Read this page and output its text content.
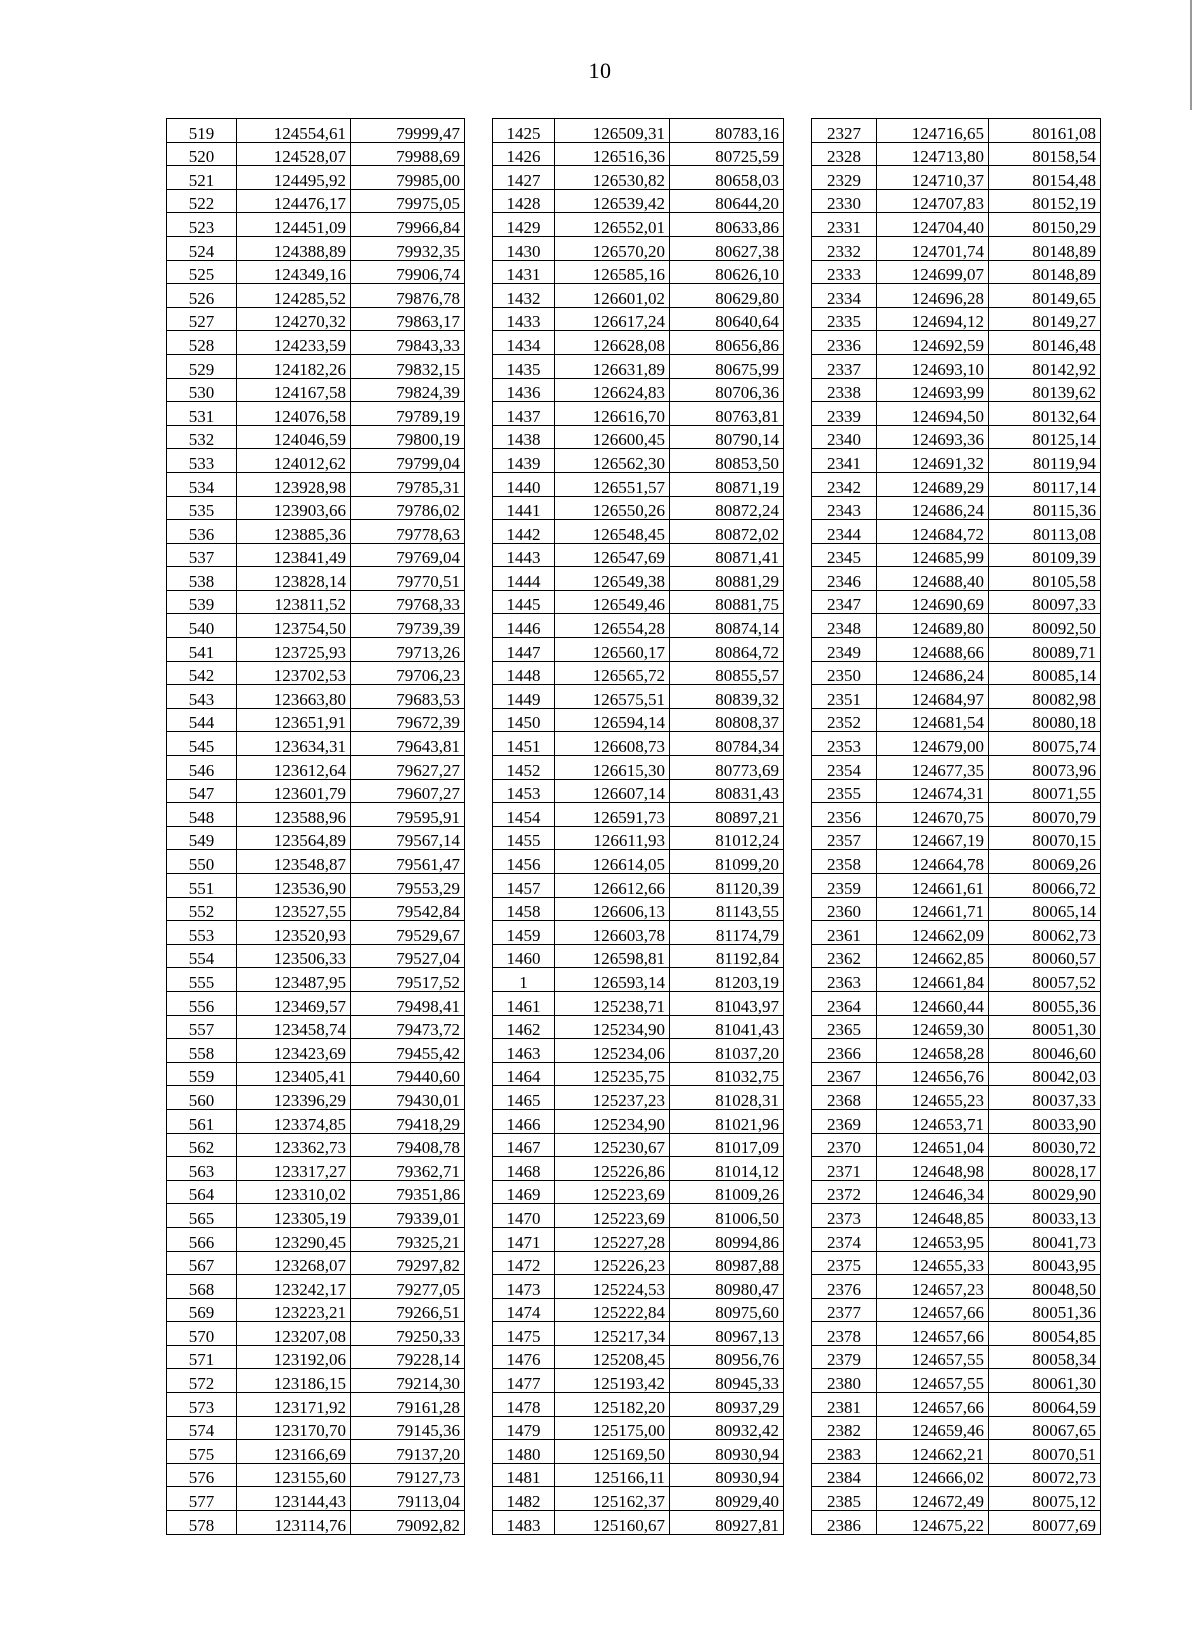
10
519	124554,61	79999,47		1425	126509,31	80783,16		2327	124716,65	80161,08
520	124528,07	79988,69		1426	126516,36	80725,59		2328	124713,80	80158,54
521	124495,92	79985,00		1427	126530,82	80658,03		2329	124710,37	80154,48
522	124476,17	79975,05		1428	126539,42	80644,20		2330	124707,83	80152,19
523	124451,09	79966,84		1429	126552,01	80633,86		2331	124704,40	80150,29
524	124388,89	79932,35		1430	126570,20	80627,38		2332	124701,74	80148,89
525	124349,16	79906,74		1431	126585,16	80626,10		2333	124699,07	80148,89
526	124285,52	79876,78		1432	126601,02	80629,80		2334	124696,28	80149,65
527	124270,32	79863,17		1433	126617,24	80640,64		2335	124694,12	80149,27
528	124233,59	79843,33		1434	126628,08	80656,86		2336	124692,59	80146,48
529	124182,26	79832,15		1435	126631,89	80675,99		2337	124693,10	80142,92
530	124167,58	79824,39		1436	126624,83	80706,36		2338	124693,99	80139,62
531	124076,58	79789,19		1437	126616,70	80763,81		2339	124694,50	80132,64
532	124046,59	79800,19		1438	126600,45	80790,14		2340	124693,36	80125,14
533	124012,62	79799,04		1439	126562,30	80853,50		2341	124691,32	80119,94
534	123928,98	79785,31		1440	126551,57	80871,19		2342	124689,29	80117,14
535	123903,66	79786,02		1441	126550,26	80872,24		2343	124686,24	80115,36
536	123885,36	79778,63		1442	126548,45	80872,02		2344	124684,72	80113,08
537	123841,49	79769,04		1443	126547,69	80871,41		2345	124685,99	80109,39
538	123828,14	79770,51		1444	126549,38	80881,29		2346	124688,40	80105,58
539	123811,52	79768,33		1445	126549,46	80881,75		2347	124690,69	80097,33
540	123754,50	79739,39		1446	126554,28	80874,14		2348	124689,80	80092,50
541	123725,93	79713,26		1447	126560,17	80864,72		2349	124688,66	80089,71
542	123702,53	79706,23		1448	126565,72	80855,57		2350	124686,24	80085,14
543	123663,80	79683,53		1449	126575,51	80839,32		2351	124684,97	80082,98
544	123651,91	79672,39		1450	126594,14	80808,37		2352	124681,54	80080,18
545	123634,31	79643,81		1451	126608,73	80784,34		2353	124679,00	80075,74
546	123612,64	79627,27		1452	126615,30	80773,69		2354	124677,35	80073,96
547	123601,79	79607,27		1453	126607,14	80831,43		2355	124674,31	80071,55
548	123588,96	79595,91		1454	126591,73	80897,21		2356	124670,75	80070,79
549	123564,89	79567,14		1455	126611,93	81012,24		2357	124667,19	80070,15
550	123548,87	79561,47		1456	126614,05	81099,20		2358	124664,78	80069,26
551	123536,90	79553,29		1457	126612,66	81120,39		2359	124661,61	80066,72
552	123527,55	79542,84		1458	126606,13	81143,55		2360	124661,71	80065,14
553	123520,93	79529,67		1459	126603,78	81174,79		2361	124662,09	80062,73
554	123506,33	79527,04		1460	126598,81	81192,84		2362	124662,85	80060,57
555	123487,95	79517,52		1	126593,14	81203,19		2363	124661,84	80057,52
556	123469,57	79498,41		1461	125238,71	81043,97		2364	124660,44	80055,36
557	123458,74	79473,72		1462	125234,90	81041,43		2365	124659,30	80051,30
558	123423,69	79455,42		1463	125234,06	81037,20		2366	124658,28	80046,60
559	123405,41	79440,60		1464	125235,75	81032,75		2367	124656,76	80042,03
560	123396,29	79430,01		1465	125237,23	81028,31		2368	124655,23	80037,33
561	123374,85	79418,29		1466	125234,90	81021,96		2369	124653,71	80033,90
562	123362,73	79408,78		1467	125230,67	81017,09		2370	124651,04	80030,72
563	123317,27	79362,71		1468	125226,86	81014,12		2371	124648,98	80028,17
564	123310,02	79351,86		1469	125223,69	81009,26		2372	124646,34	80029,90
565	123305,19	79339,01		1470	125223,69	81006,50		2373	124648,85	80033,13
566	123290,45	79325,21		1471	125227,28	80994,86		2374	124653,95	80041,73
567	123268,07	79297,82		1472	125226,23	80987,88		2375	124655,33	80043,95
568	123242,17	79277,05		1473	125224,53	80980,47		2376	124657,23	80048,50
569	123223,21	79266,51		1474	125222,84	80975,60		2377	124657,66	80051,36
570	123207,08	79250,33		1475	125217,34	80967,13		2378	124657,66	80054,85
571	123192,06	79228,14		1476	125208,45	80956,76		2379	124657,55	80058,34
572	123186,15	79214,30		1477	125193,42	80945,33		2380	124657,55	80061,30
573	123171,92	79161,28		1478	125182,20	80937,29		2381	124657,66	80064,59
574	123170,70	79145,36		1479	125175,00	80932,42		2382	124659,46	80067,65
575	123166,69	79137,20		1480	125169,50	80930,94		2383	124662,21	80070,51
576	123155,60	79127,73		1481	125166,11	80930,94		2384	124666,02	80072,73
577	123144,43	79113,04		1482	125162,37	80929,40		2385	124672,49	80075,12
578	123114,76	79092,82		1483	125160,67	80927,81		2386	124675,22	80077,69
